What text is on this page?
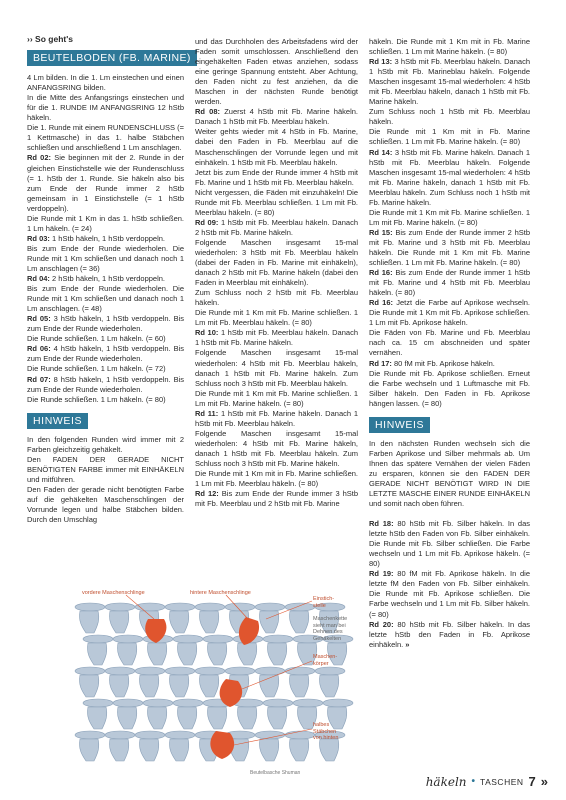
›› So geht's

BEUTELBODEN (FB. MARINE)

4 Lm bilden. In die 1. Lm einstechen und einen ANFANGSRING bilden.

In die Mitte des Anfangsrings einstechen und für die 1. RUNDE IM ANFANGSRING 12 hStb häkeln.

Die 1. Runde mit einem RUNDENSCHLUSS (= 1 Kettmasche) in das 1. halbe Stäbchen schließen und anschließend 1 Lm anschlagen.

Rd 02: Sie beginnen mit der 2. Runde in der gleichen Einstichstelle wie der Rundenschluss (= 1. hStb der 1. Runde. Sie häkeln also bis zum Ende der Runde immer 2 hStb gemeinsam in 1 Einstichstelle (= 1 hStb verdoppeln).
Die Runde mit 1 Km in das 1. hStb schließen. 1 Lm häkeln. (= 24)

Rd 03: 1 hStb häkeln, 1 hStb verdoppeln.
Bis zum Ende der Runde wiederholen. Die Runde mit 1 Km schließen und danach noch 1 Lm anschlagen (= 36)

Rd 04: 2 hStb häkeln, 1 hStb verdoppeln.
Bis zum Ende der Runde wiederholen. Die Runde mit 1 Km schließen und danach noch 1 Lm anschlagen. (= 48)

Rd 05: 3 hStb häkeln, 1 hStb verdoppeln. Bis zum Ende der Runde wiederholen.
Die Runde schließen. 1 Lm häkeln. (= 60)

Rd 06: 4 hStb häkeln, 1 hStb verdoppeln. Bis zum Ende der Runde wiederholen.
Die Runde schließen. 1 Lm häkeln. (= 72)

Rd 07: 8 hStb häkeln, 1 hStb verdoppeln. Bis zum Ende der Runde wiederholen.
Die Runde schließen. 1 Lm häkeln. (= 80)

HINWEIS

In den folgenden Runden wird immer mit 2 Farben gleichzeitig gehäkelt.

Den FADEN DER GERADE NICHT BENÖTIGTEN FARBE immer mit EINHÄKELN und mitführen.

Den Faden der gerade nicht benötigten Farbe auf die gehäkelten Maschenschlingen der Vorrunde legen und halbe Stäbchen bilden. Durch den Umschlag

und das Durchholen des Arbeitsfadens wird der Faden somit umschlossen. Anschließend den eingehäkelten Faden etwas anziehen, sodass eine geringe Spannung entsteht. Aber Achtung, den Faden nicht zu fest anziehen, da die Maschen in der nächsten Runde benötigt werden.

Rd 08: Zuerst 4 hStb mit Fb. Marine häkeln. Danach 1 hStb mit Fb. Meerblau häkeln.
Weiter gehts wieder mit 4 hStb in Fb. Marine, dabei den Faden in Fb. Meerblau auf die Maschenschlingen der Vorrunde legen und mit einhäkeln. 1 hStb mit Fb. Meerblau häkeln.
Jetzt bis zum Ende der Runde immer 4 hStb mit Fb. Marine und 1 hStb mit Fb. Meerblau häkeln.
Nicht vergessen, die Fäden mit einzuhäkeln! Die Runde mit Fb. Meerblau schließen. 1 Lm mit Fb. Meerblau häkeln. (= 80)

Rd 09: 1 hStb mit Fb. Meerblau häkeln. Danach 2 hStb mit Fb. Marine häkeln.
Folgende Maschen insgesamt 15-mal wiederholen: 3 hStb mit Fb. Meerblau häkeln (dabei der Faden in Fb. Marine mit einhäkeln), danach 2 hStb mit Fb. Marine häkeln (dabei den Faden in Meerblau mit einhäkeln).
Zum Schluss noch 2 hStb mit Fb. Meerblau häkeln.
Die Runde mit 1 Km mit Fb. Marine schließen. 1 Lm mit Fb. Meerblau häkeln. (= 80)

Rd 10: 1 hStb mit Fb. Meerblau häkeln. Danach 1 hStb mit Fb. Marine häkeln.
Folgende Maschen insgesamt 15-mal wiederholen: 4 hStb mit Fb. Meerblau häkeln, danach 1 hStb mit Fb. Marine häkeln. Zum Schluss noch 3 hStb mit Fb. Meerblau häkeln.
Die Runde mit 1 Km mit Fb. Marine schließen. 1 Lm mit Fb. Marine häkeln. (= 80)

Rd 11: 1 hStb mit Fb. Marine häkeln. Danach 1 hStb mit Fb. Meerblau häkeln.
Folgende Maschen insgesamt 15-mal wiederholen: 4 hStb mit Fb. Marine häkeln, danach 1 hStb mit Fb. Meerblau häkeln. Zum Schluss noch 3 hStb mit Fb. Marine häkeln.
Die Runde mit 1 Km mit in Fb. Marine schließen. 1 Lm mit Fb. Meerblau häkeln. (= 80)

Rd 12: Bis zum Ende der Runde immer 3 hStb mit Fb. Meerblau und 2 hStb mit Fb. Marine

häkeln. Die Runde mit 1 Km mit in Fb. Marine schließen. 1 Lm mit Marine häkeln. (= 80)

Rd 13: 3 hStb mit Fb. Meerblau häkeln. Danach 1 hStb mit Fb. Marineblau häkeln. Folgende Maschen insgesamt 15-mal wiederholen: 4 hStb mit Fb. Meerblau häkeln, danach 1 hStb mit Fb. Marine häkeln.
Zum Schluss noch 1 hStb mit Fb. Meerblau häkeln.
Die Runde mit 1 Km mit in Fb. Marine schließen. 1 Lm mit Fb. Marine häkeln. (= 80)

Rd 14: 3 hStb mit Fb. Marine häkeln. Danach 1 hStb mit Fb. Meerblau häkeln. Folgende Maschen insgesamt 15-mal wiederholen: 4 hStb mit Fb. Marine häkeln, danach 1 hStb mit Fb. Meerblau häkeln. Zum Schluss noch 1 hStb mit Fb. Marine häkeln.
Die Runde mit 1 Km mit Fb. Marine schließen. 1 Lm mit Fb. Marine häkeln. (= 80)

Rd 15: Bis zum Ende der Runde immer 2 hStb mit Fb. Marine und 3 hStb mit Fb. Meerblau häkeln. Die Runde mit 1 Km mit Fb. Marine schließen. 1 Lm mit Fb. Marine häkeln. (= 80)

Rd 16: Bis zum Ende der Runde immer 1 hStb mit Fb. Marine und 4 hStb mit Fb. Meerblau häkeln. (= 80)

Rd 16: Jetzt die Farbe auf Aprikose wechseln. Die Runde mit 1 Km mit Fb. Aprikose schließen. 1 Lm mit Fb. Aprikose häkeln.
Die Fäden von Fb. Marine und Fb. Meerblau nach ca. 15 cm abschneiden und später vernähen.

Rd 17: 80 fM mit Fb. Aprikose häkeln.
Die Runde mit Fb. Aprikose schließen. Erneut die Farbe wechseln und 1 Luftmasche mit Fb. Silber häkeln. Den Faden in Fb. Aprikose hängen lassen. (= 80)

HINWEIS

In den nächsten Runden wechseln sich die Farben Aprikose und Silber mehrmals ab. Um Ihnen das spätere Vernähen der vielen Fäden zu ersparen, können sie den FADEN DER GERADE NICHT BENÖTIGT WIRD IN DIE LETZTE MASCHE EINER RUNDE EINHÄKELN und somit nach oben führen.

Rd 18: 80 hStb mit Fb. Silber häkeln. In das letzte hStb den Faden von Fb. Silber einhäkeln. Die Runde mit Fb. Silber schließen. Die Farbe wechseln und 1 Lm mit Fb. Aprikose häkeln. (= 80)

Rd 19: 80 fM mit Fb. Aprikose häkeln. In die letzte fM den Faden von Fb. Silber einhäkeln. Die Runde mit Fb. Aprikose schließen. Die Farbe wechseln und 1 Lm mit Fb. Silber häkeln. (= 80)

Rd 20: 80 hStb mit Fb. Silber häkeln. In das letzte hStb den Faden in Fb. Aprikose einhäkeln. »

vordere Maschenschlinge	hintere Maschenschlinge
Einstich-
stelle
Maschenkette
sieht man bei
Dehnen des
Gehäkelten
Maschen-
körper
halbes
Stäbchen
von hinten
Beutelbasche Shuman
häkeln • TASCHEN 7 »
PassionForum.ru
